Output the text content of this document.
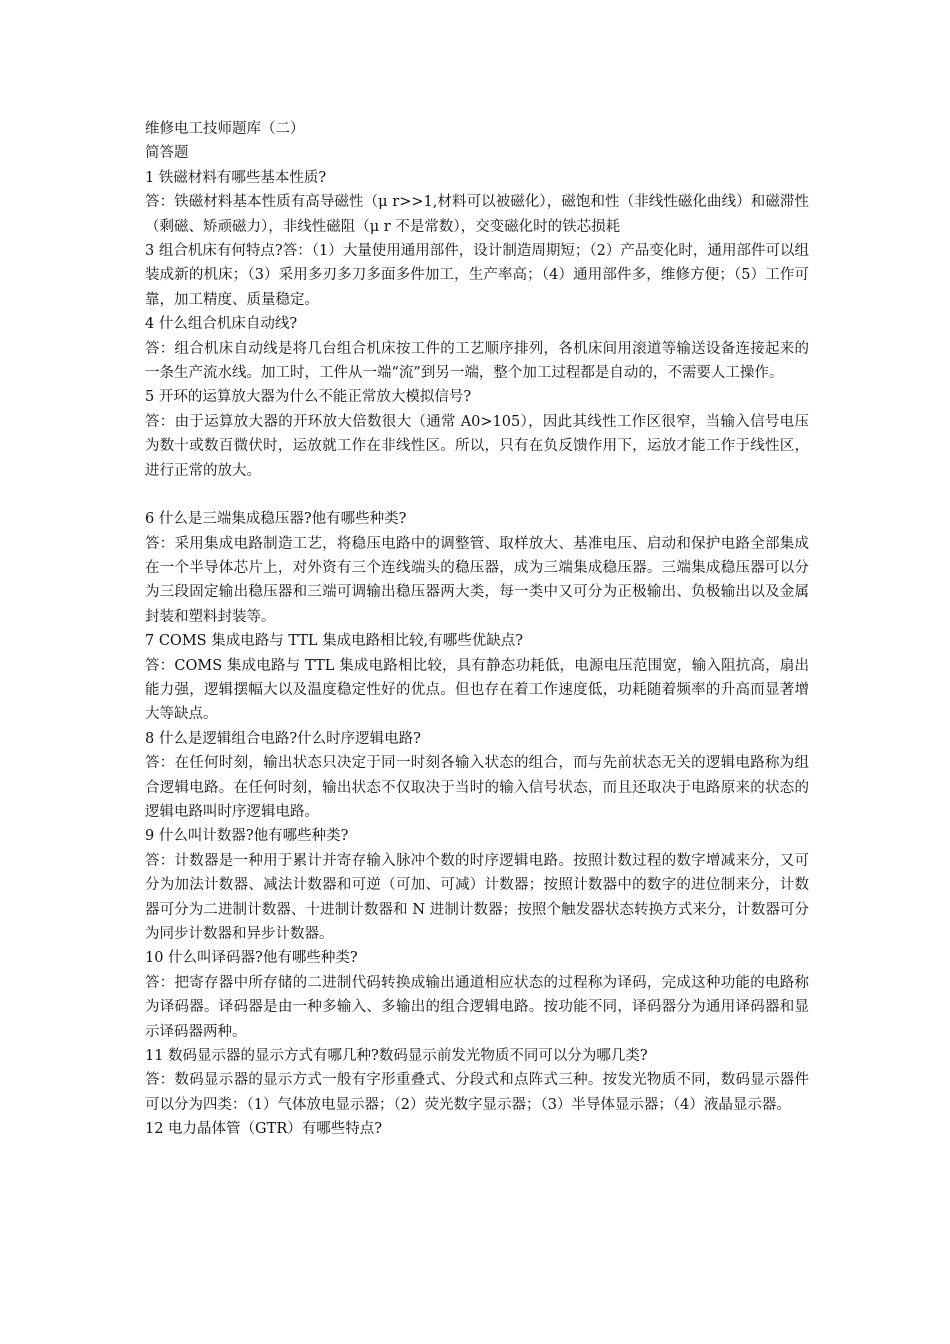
维修电工技师题库（二）
简答题
1 铁磁材料有哪些基本性质?
答：铁磁材料基本性质有高导磁性（μ r>>1,材料可以被磁化），磁饱和性（非线性磁化曲线）和磁滞性（剩磁、矫顽磁力），非线性磁阻（μ r 不是常数），交变磁化时的铁芯损耗
3 组合机床有何特点?答：（1）大量使用通用部件，设计制造周期短；（2）产品变化时，通用部件可以组装成新的机床；（3）采用多刃多刀多面多件加工，生产率高；（4）通用部件多，维修方便；（5）工作可靠，加工精度、质量稳定。
4 什么组合机床自动线?
答：组合机床自动线是将几台组合机床按工件的工艺顺序排列，各机床间用滚道等输送设备连接起来的一条生产流水线。加工时，工件从一端“流”到另一端，整个加工过程都是自动的，不需要人工操作。
5 开环的运算放大器为什么不能正常放大模拟信号?
答：由于运算放大器的开环放大倍数很大（通常 A0>105），因此其线性工作区很窄，当输入信号电压为数十或数百微伏时，运放就工作在非线性区。所以，只有在负反馈作用下，运放才能工作于线性区，进行正常的放大。
6 什么是三端集成稳压器?他有哪些种类?
答：采用集成电路制造工艺，将稳压电路中的调整管、取样放大、基准电压、启动和保护电路全部集成在一个半导体芯片上，对外资有三个连线端头的稳压器，成为三端集成稳压器。三端集成稳压器可以分为三段固定输出稳压器和三端可调输出稳压器两大类，每一类中又可分为正极输出、负极输出以及金属封装和塑料封装等。
7 COMS 集成电路与 TTL 集成电路相比较,有哪些优缺点?
答：COMS 集成电路与 TTL 集成电路相比较，具有静态功耗低，电源电压范围宽，输入阻抗高，扇出能力强，逻辑摆幅大以及温度稳定性好的优点。但也存在着工作速度低，功耗随着频率的升高而显著增大等缺点。
8 什么是逻辑组合电路?什么时序逻辑电路?
答：在任何时刻，输出状态只决定于同一时刻各输入状态的组合，而与先前状态无关的逻辑电路称为组合逻辑电路。在任何时刻，输出状态不仅取决于当时的输入信号状态，而且还取决于电路原来的状态的逻辑电路叫时序逻辑电路。
9 什么叫计数器?他有哪些种类?
答：计数器是一种用于累计并寄存输入脉冲个数的时序逻辑电路。按照计数过程的数字增减来分，又可分为加法计数器、减法计数器和可逆（可加、可减）计数器；按照计数器中的数字的进位制来分，计数器可分为二进制计数器、十进制计数器和 N 进制计数器；按照个触发器状态转换方式来分，计数器可分为同步计数器和异步计数器。
10 什么叫译码器?他有哪些种类?
答：把寄存器中所存储的二进制代码转换成输出通道相应状态的过程称为译码，完成这种功能的电路称为译码器。译码器是由一种多输入、多输出的组合逻辑电路。按功能不同，译码器分为通用译码器和显示译码器两种。
11 数码显示器的显示方式有哪几种?数码显示前发光物质不同可以分为哪几类?
答：数码显示器的显示方式一般有字形重叠式、分段式和点阵式三种。按发光物质不同，数码显示器件可以分为四类：（1）气体放电显示器；（2）荧光数字显示器；（3）半导体显示器；（4）液晶显示器。
12 电力晶体管（GTR）有哪些特点?
